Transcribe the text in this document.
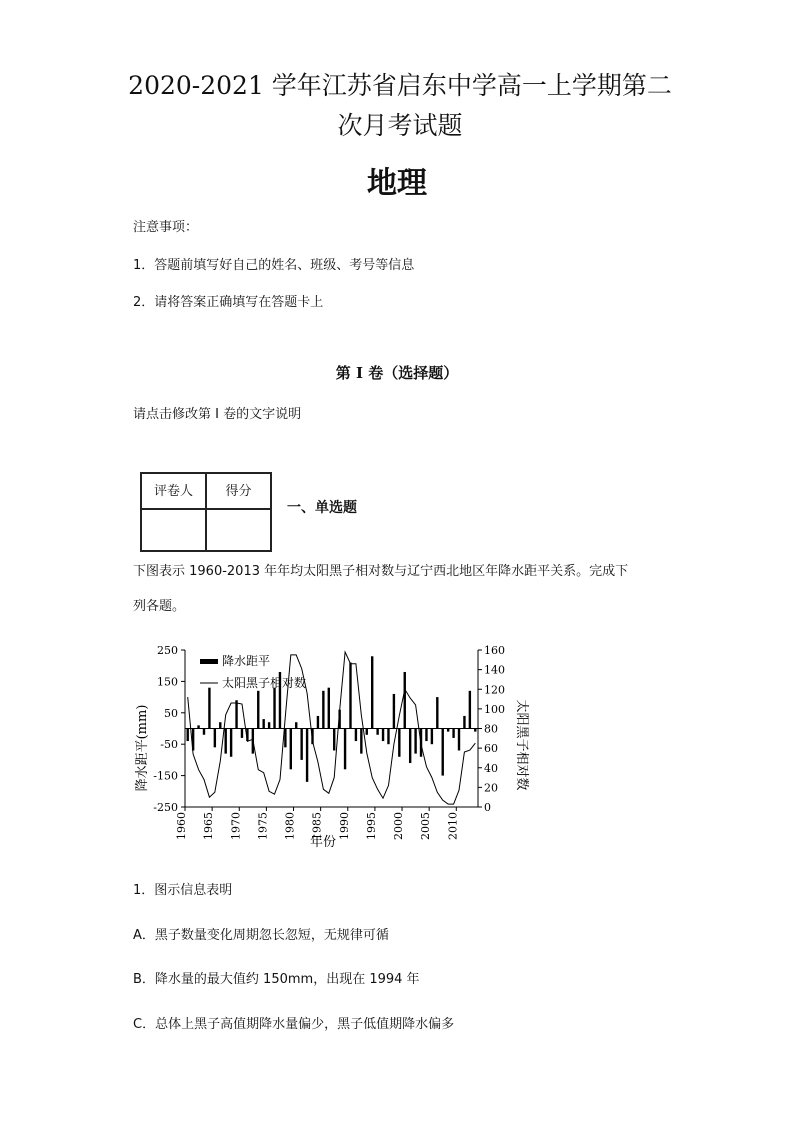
2020-2021 学年江苏省启东中学高一上学期第二
次月考试题
地理
注意事项：
1．答题前填写好自己的姓名、班级、考号等信息
2．请将答案正确填写在答题卡上
第 I 卷（选择题）
请点击修改第 I 卷的文字说明
评卷人	得分

一、单选题
下图表示 1960-2013 年年均太阳黑子相对数与辽宁西北地区年降水距平关系。完成下
列各题。
250
150
50
-50
-150
-250
160
140
120
100
80
60
40
20
0
1960 1965 1970 1975 1980 1985 1990 1995 2000 2005 2010
降水距平
太阳黑子相对数
降水距平(mm)	太阳黑子相对数
年份
1．图示信息表明
A．黑子数量变化周期忽长忽短，无规律可循
B．降水量的最大值约 150mm，出现在 1994 年
C．总体上黑子高值期降水量偏少，黑子低值期降水偏多
